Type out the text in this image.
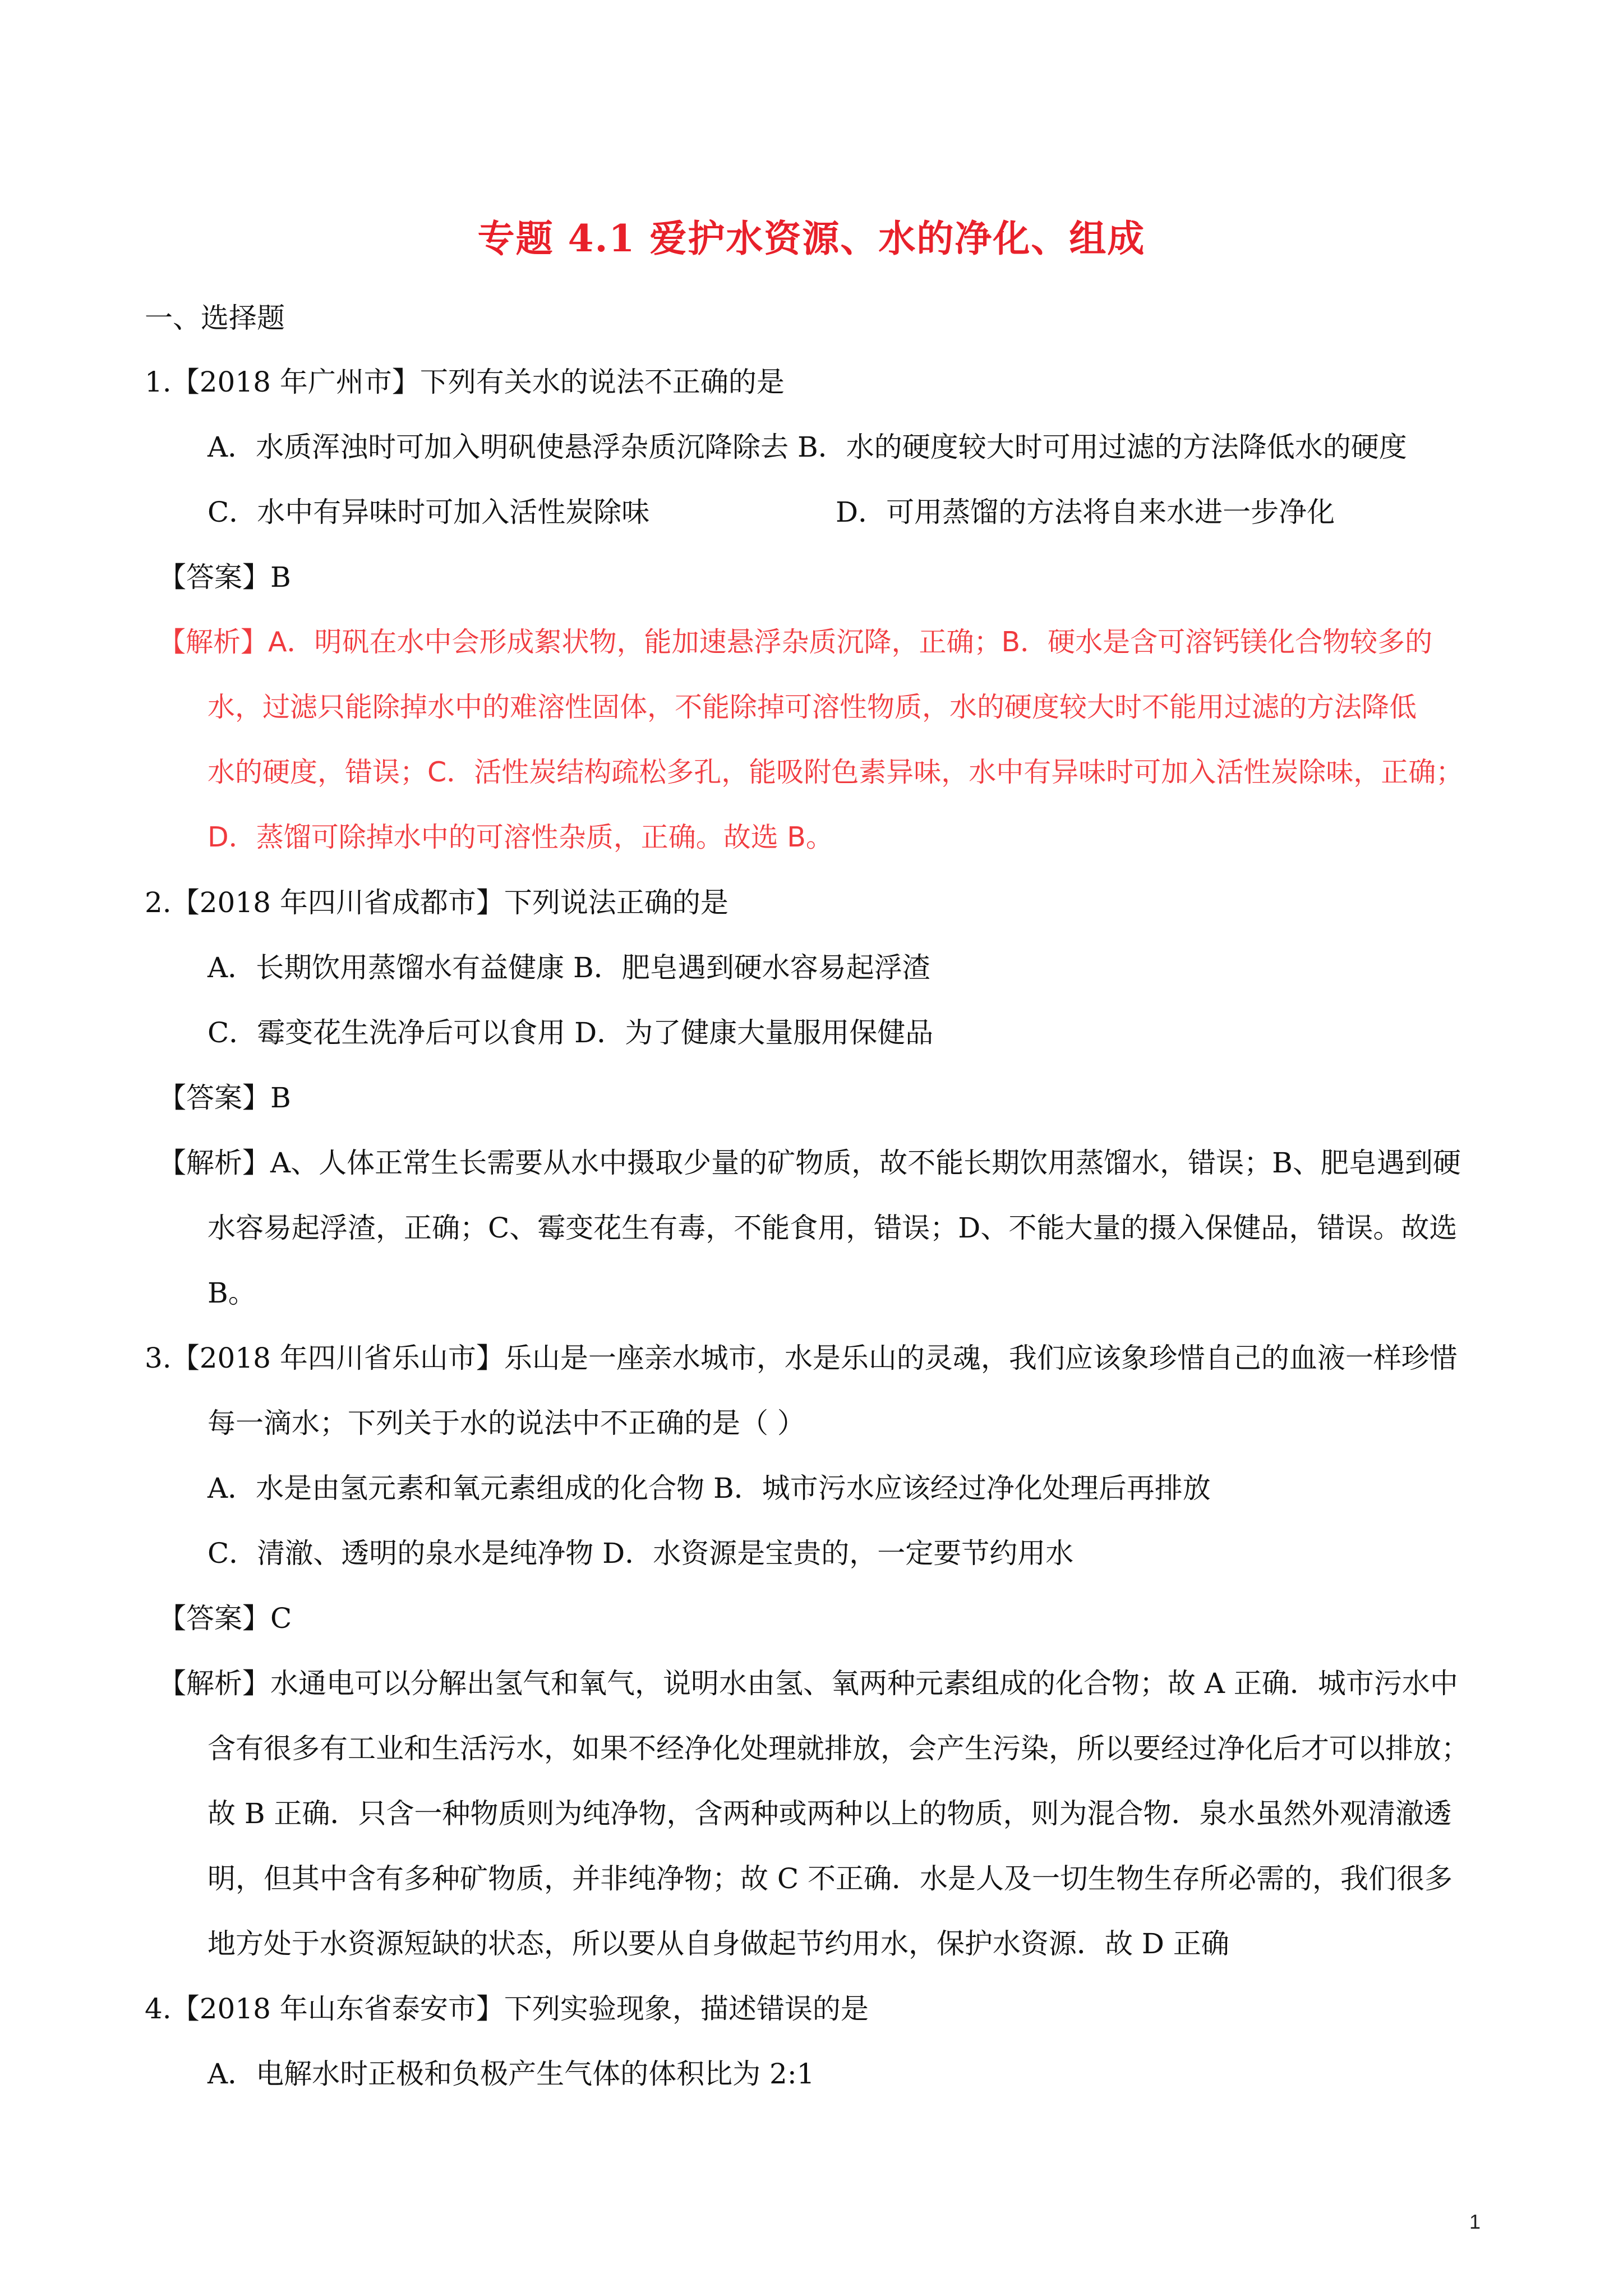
专题 4.1 爱护水资源、水的净化、组成
一、选择题
1.【2018 年广州市】下列有关水的说法不正确的是
A．水质浑浊时可加入明矾使悬浮杂质沉降除去 B．水的硬度较大时可用过滤的方法降低水的硬度
C．水中有异味时可加入活性炭除味	D．可用蒸馏的方法将自来水进一步净化
【答案】B
【解析】A．明矾在水中会形成絮状物，能加速悬浮杂质沉降，正确；B．硬水是含可溶钙镁化合物较多的
水，过滤只能除掉水中的难溶性固体，不能除掉可溶性物质，水的硬度较大时不能用过滤的方法降低
水的硬度，错误；C．活性炭结构疏松多孔，能吸附色素异味，水中有异味时可加入活性炭除味，正确；
D．蒸馏可除掉水中的可溶性杂质，正确。故选 B。
2.【2018 年四川省成都市】下列说法正确的是
A．长期饮用蒸馏水有益健康 B．肥皂遇到硬水容易起浮渣
C．霉变花生洗净后可以食用 D．为了健康大量服用保健品
【答案】B
【解析】A、人体正常生长需要从水中摄取少量的矿物质，故不能长期饮用蒸馏水，错误；B、肥皂遇到硬
水容易起浮渣，正确；C、霉变花生有毒，不能食用，错误；D、不能大量的摄入保健品，错误。故选
B。
3.【2018 年四川省乐山市】乐山是一座亲水城市，水是乐山的灵魂，我们应该象珍惜自己的血液一样珍惜
每一滴水；下列关于水的说法中不正确的是（ ）
A．水是由氢元素和氧元素组成的化合物 B．城市污水应该经过净化处理后再排放
C．清澈、透明的泉水是纯净物 D．水资源是宝贵的，一定要节约用水
【答案】C
【解析】水通电可以分解出氢气和氧气，说明水由氢、氧两种元素组成的化合物；故 A 正确．城市污水中
含有很多有工业和生活污水，如果不经净化处理就排放，会产生污染，所以要经过净化后才可以排放；
故 B 正确．只含一种物质则为纯净物，含两种或两种以上的物质，则为混合物．泉水虽然外观清澈透
明，但其中含有多种矿物质，并非纯净物；故 C 不正确．水是人及一切生物生存所必需的，我们很多
地方处于水资源短缺的状态，所以要从自身做起节约用水，保护水资源．故 D 正确
4.【2018 年山东省泰安市】下列实验现象，描述错误的是
A．电解水时正极和负极产生气体的体积比为 2:1
1
